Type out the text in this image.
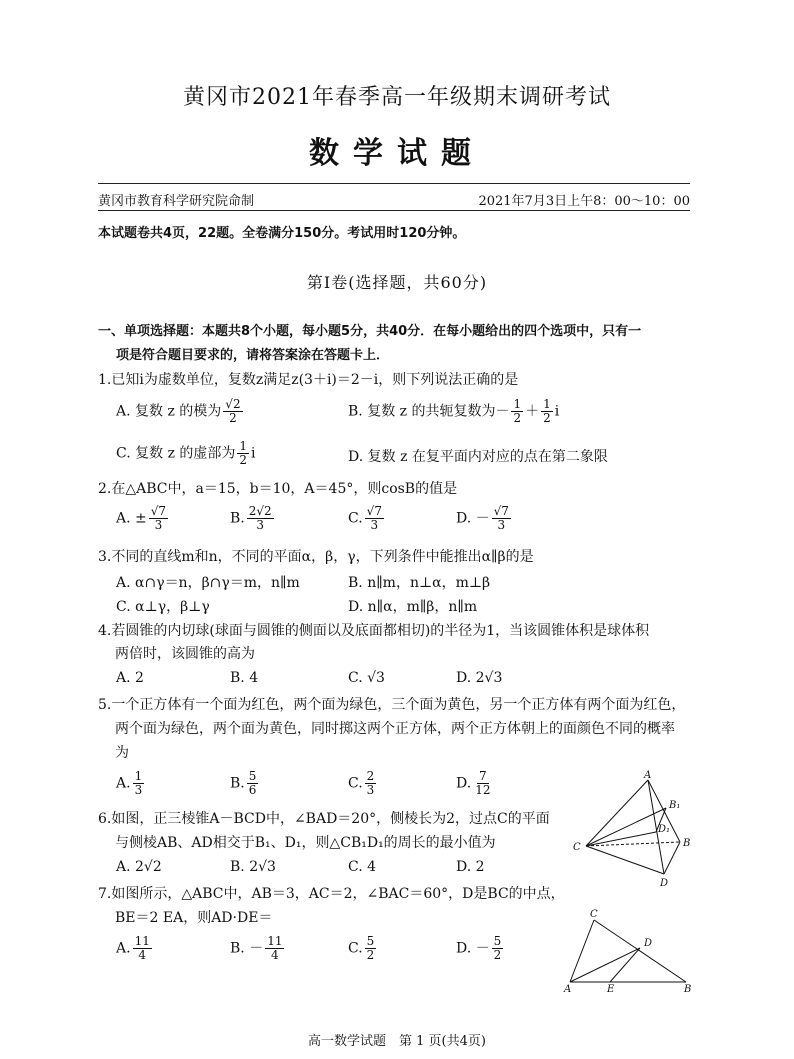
黄冈市2021年春季高一年级期末调研考试
数学试题
黄冈市教育科学研究院命制	2021年7月3日上午8：00～10：00
本试题卷共4页，22题。全卷满分150分。考试用时120分钟。
第Ⅰ卷(选择题，共60分)
一、单项选择题：本题共8个小题，每小题5分，共40分．在每小题给出的四个选项中，只有一
项是符合题目要求的，请将答案涂在答题卡上．
1.已知i为虚数单位，复数z满足z(3＋i)＝2－i，则下列说法正确的是
A. 复数 z 的模为 $\frac{√2}{2}$	B. 复数 z 的共轭复数为－ $\frac{1}{2} + \frac{1}{2}$ i
C. 复数 z 的虚部为 $\frac{1}{2}$ i	D. 复数 z 在复平面内对应的点在第二象限
2.在△ABC中，a＝15，b＝10，A＝45°，则cosB的值是
A. ± $\frac{√7}{3}$	B. $\frac{2√2}{3}$	C. $\frac{√7}{3}$	D. － $\frac{√7}{3}$
3.不同的直线m和n，不同的平面α，β，γ，下列条件中能推出α∥β的是
A. α∩γ＝n，β∩γ＝m，n∥m	B. n∥m，n⊥α，m⊥β
C. α⊥γ，β⊥γ	D. n∥α，m∥β，n∥m
4.若圆锥的内切球(球面与圆锥的侧面以及底面都相切)的半径为1，当该圆锥体积是球体积
两倍时，该圆锥的高为
A. 2	B. 4	C. √3	D. 2√3
5.一个正方体有一个面为红色，两个面为绿色，三个面为黄色，另一个正方体有两个面为红色，
两个面为绿色，两个面为黄色，同时掷这两个正方体，两个正方体朝上的面颜色不同的概率
为
A. $\frac{1}{3}$	B. $\frac{5}{6}$	C. $\frac{2}{3}$	D. $\frac{7}{12}$
6.如图，正三棱锥A－BCD中，∠BAD＝20°，侧棱长为2，过点C的平面
与侧棱AB、AD相交于B₁、D₁，则△CB₁D₁的周长的最小值为
A. 2√2	B. 2√3	C. 4	D. 2
7.如图所示，△ABC中，AB＝3，AC＝2，∠BAC＝60°，D是BC的中点，
BE＝2 EA，则AD·DE＝
A. $\frac{11}{4}$	B. － $\frac{11}{4}$	C. $\frac{5}{2}$	D. － $\frac{5}{2}$
A
B
C
D
B₁
D₁
C
D
A	E	B
高一数学试题　第 1 页(共4页)
